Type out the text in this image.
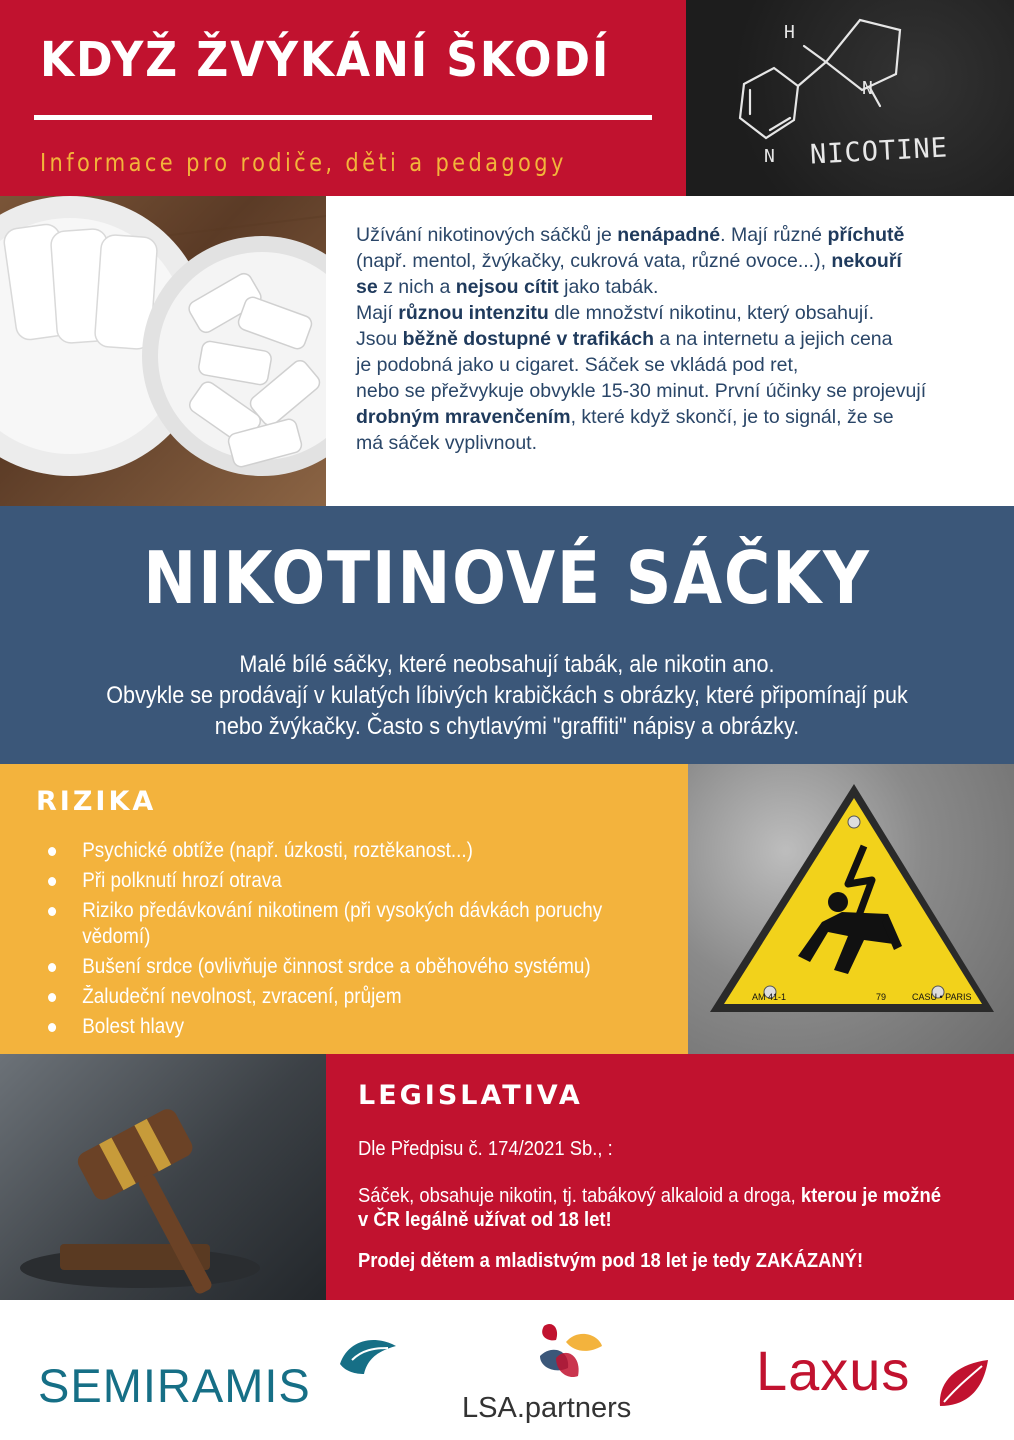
KDYŽ ŽVÝKÁNÍ ŠKODÍ
Informace pro rodiče, děti a pedagogy
H
N
N
NICOTINE
Užívání nikotinových sáčků je nenápadné. Mají různé příchutě
(např. mentol, žvýkačky, cukrová vata, různé ovoce...), nekouří
se z nich a nejsou cítit jako tabák.
Mají různou intenzitu dle množství nikotinu, který obsahují.
Jsou běžně dostupné v trafikách a na internetu a jejich cena
je podobná jako u cigaret. Sáček se vkládá pod ret,
nebo se přežvykuje obvykle 15-30 minut. První účinky se projevují
drobným mravenčením, které když skončí, je to signál, že se
má sáček vyplivnout.
NIKOTINOVÉ SÁČKY
Malé bílé sáčky, které neobsahují tabák, ale nikotin ano.
Obvykle se prodávají v kulatých líbivých krabičkách s obrázky, které připomínají puk
nebo žvýkačky. Často s chytlavými "graffiti" nápisy a obrázky.
RIZIKA
Psychické obtíže (např. úzkosti, roztěkanost...)
Při polknutí hrozí otrava
Riziko předávkování nikotinem (při vysokých dávkách poruchy vědomí)
Bušení srdce (ovlivňuje činnost srdce a oběhového systému)
Žaludeční nevolnost, zvracení, průjem
Bolest hlavy
AM 41-1	79	CASU • PARIS
LEGISLATIVA
Dle Předpisu č. 174/2021 Sb., :
Sáček, obsahuje nikotin, tj. tabákový alkaloid a droga, kterou je možné v ČR legálně užívat od 18 let!
Prodej dětem a mladistvým pod 18 let je tedy ZAKÁZANÝ!
SEMIRAMIS	LSA.partners
Laxus
